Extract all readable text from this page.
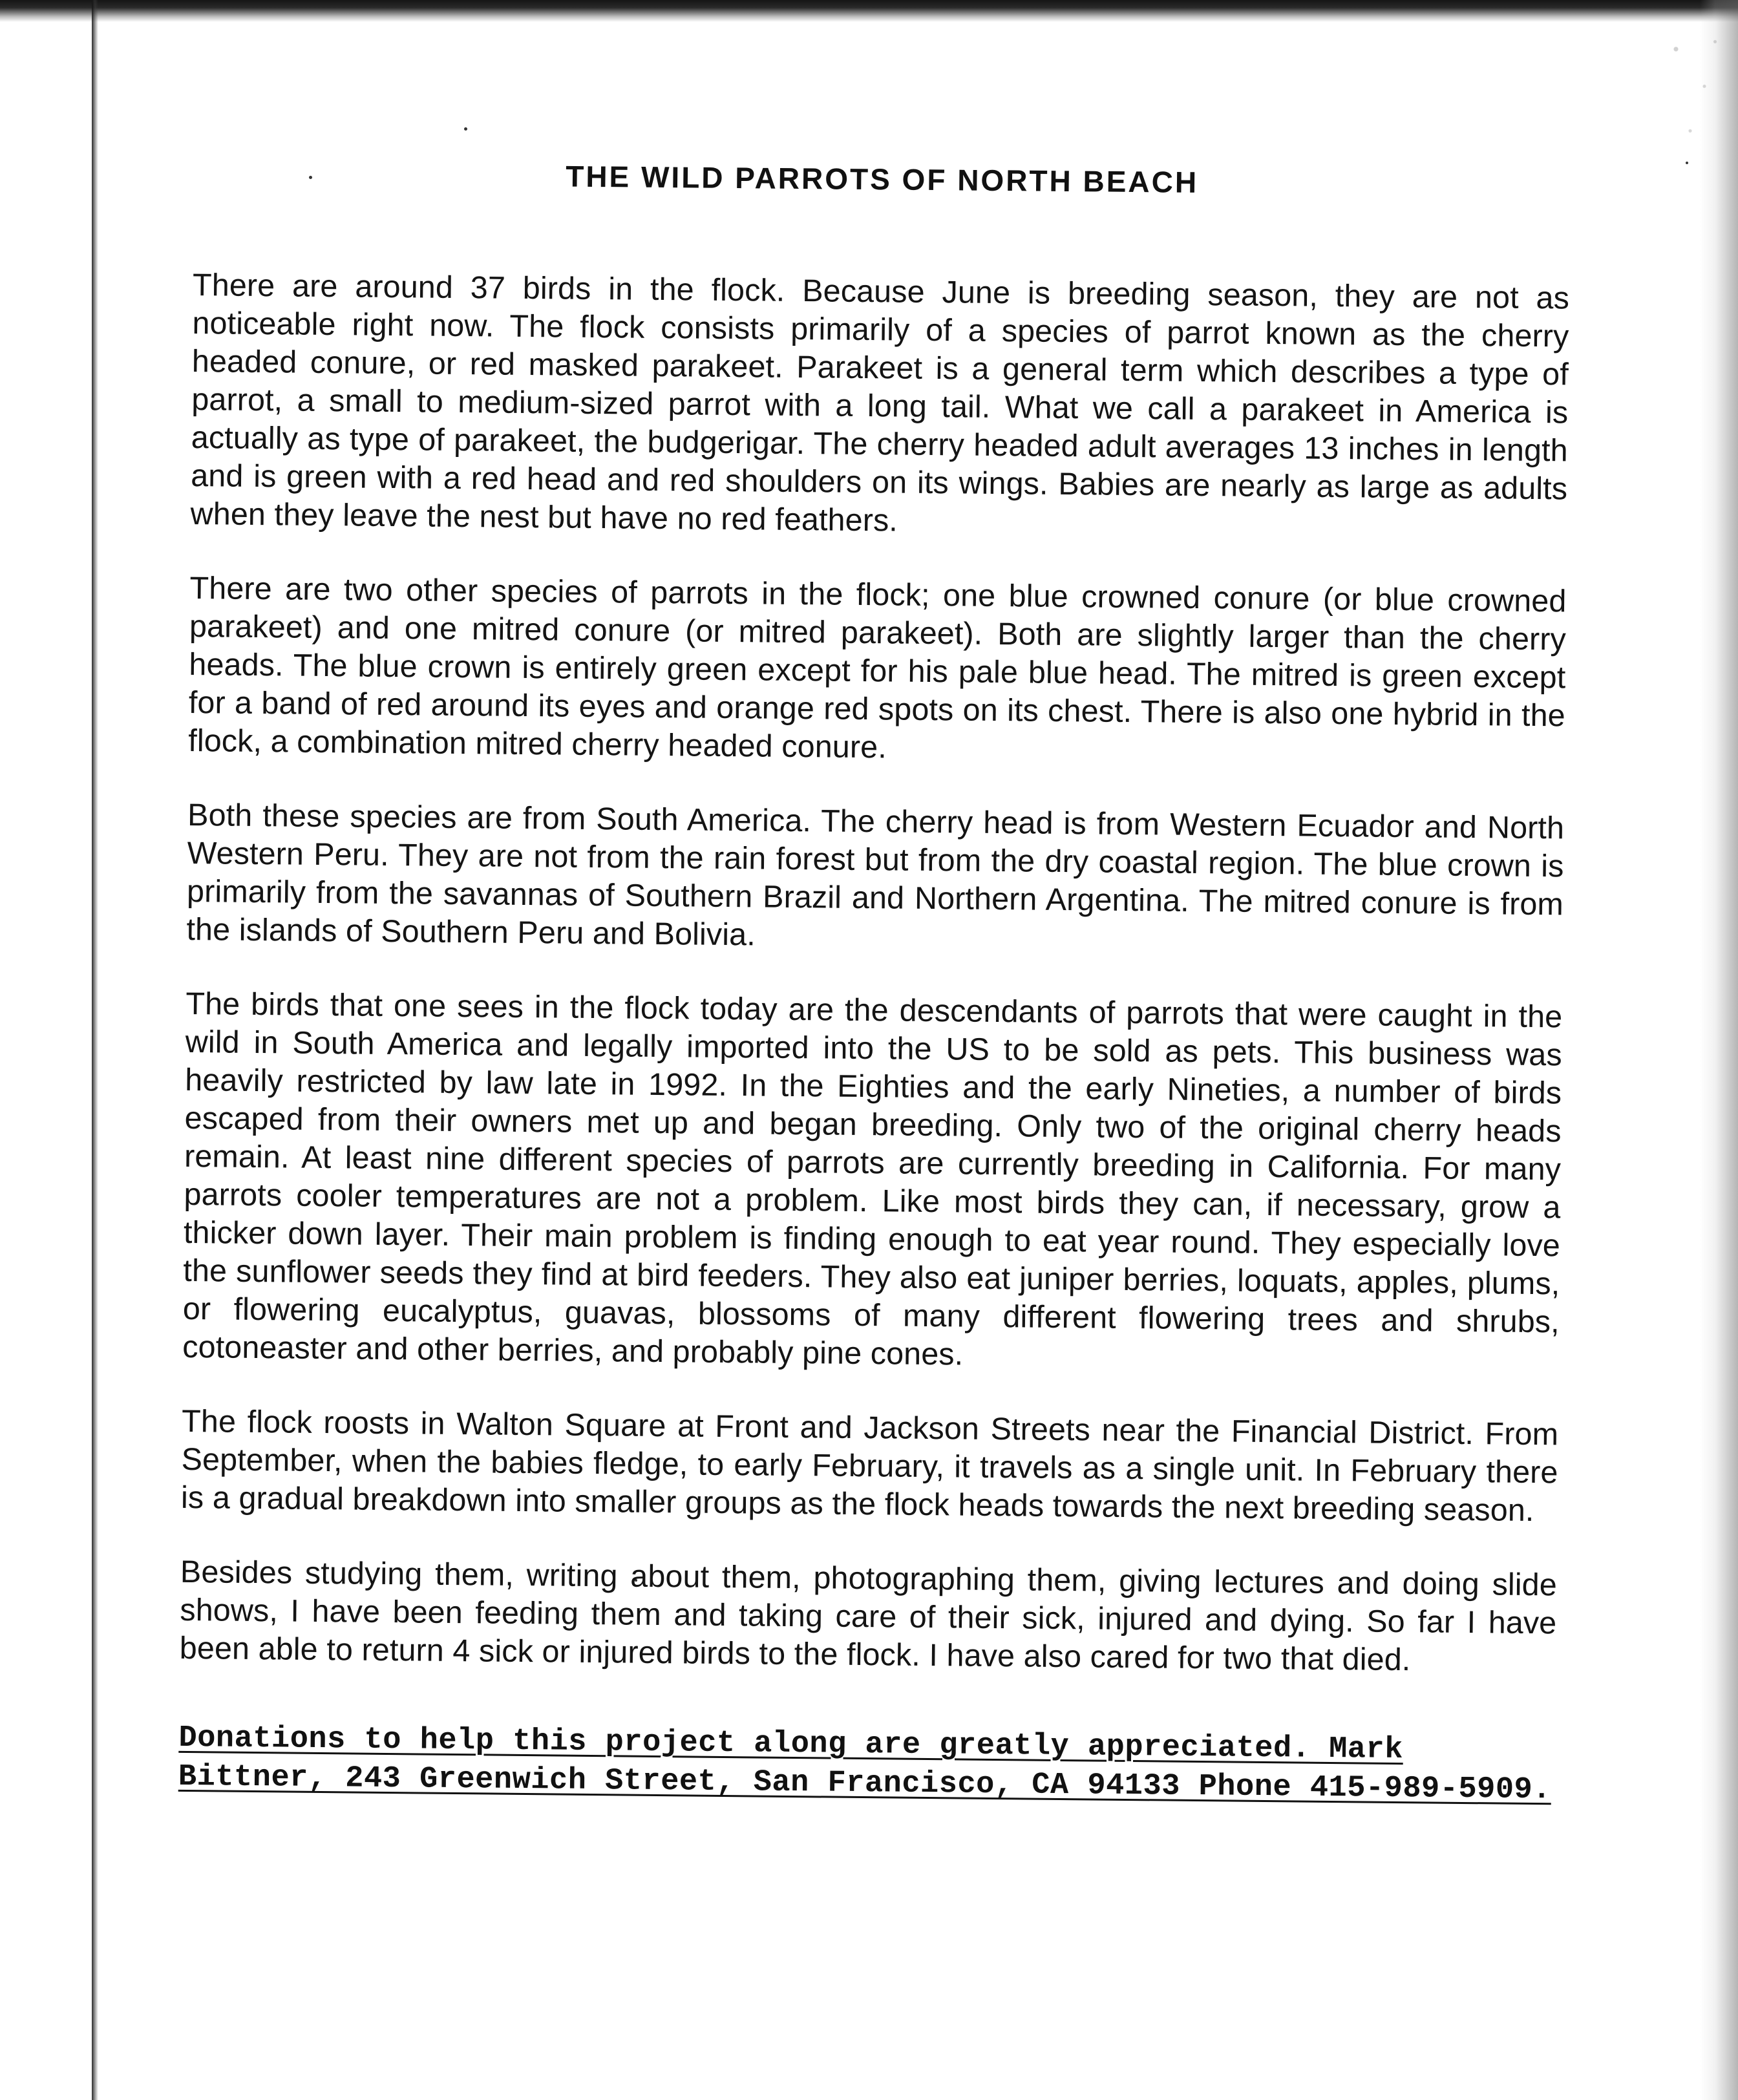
THE WILD PARROTS OF NORTH BEACH

There are around 37 birds in the flock. Because June is breeding season, they are not as noticeable right now. The flock consists primarily of a species of parrot known as the cherry headed conure, or red masked parakeet. Parakeet is a general term which describes a type of parrot, a small to medium-sized parrot with a long tail. What we call a parakeet in America is actually as type of parakeet, the budgerigar. The cherry headed adult averages 13 inches in length and is green with a red head and red shoulders on its wings. Babies are nearly as large as adults when they leave the nest but have no red feathers.

There are two other species of parrots in the flock; one blue crowned conure (or blue crowned parakeet) and one mitred conure (or mitred parakeet). Both are slightly larger than the cherry heads. The blue crown is entirely green except for his pale blue head. The mitred is green except for a band of red around its eyes and orange red spots on its chest. There is also one hybrid in the flock, a combination mitred cherry headed conure.

Both these species are from South America. The cherry head is from Western Ecuador and North Western Peru. They are not from the rain forest but from the dry coastal region. The blue crown is primarily from the savannas of Southern Brazil and Northern Argentina. The mitred conure is from the islands of Southern Peru and Bolivia.

The birds that one sees in the flock today are the descendants of parrots that were caught in the wild in South America and legally imported into the US to be sold as pets. This business was heavily restricted by law late in 1992. In the Eighties and the early Nineties, a number of birds escaped from their owners met up and began breeding. Only two of the original cherry heads remain. At least nine different species of parrots are currently breeding in California. For many parrots cooler temperatures are not a problem. Like most birds they can, if necessary, grow a thicker down layer. Their main problem is finding enough to eat year round. They especially love the sunflower seeds they find at bird feeders. They also eat juniper berries, loquats, apples, plums, or flowering eucalyptus, guavas, blossoms of many different flowering trees and shrubs, cotoneaster and other berries, and probably pine cones.

The flock roosts in Walton Square at Front and Jackson Streets near the Financial District. From September, when the babies fledge, to early February, it travels as a single unit. In February there is a gradual breakdown into smaller groups as the flock heads towards the next breeding season.

Besides studying them, writing about them, photographing them, giving lectures and doing slide shows, I have been feeding them and taking care of their sick, injured and dying. So far I have been able to return 4 sick or injured birds to the flock. I have also cared for two that died.

Donations to help this project along are greatly appreciated. Mark Bittner, 243 Greenwich Street, San Francisco, CA 94133 Phone 415-989-5909.
